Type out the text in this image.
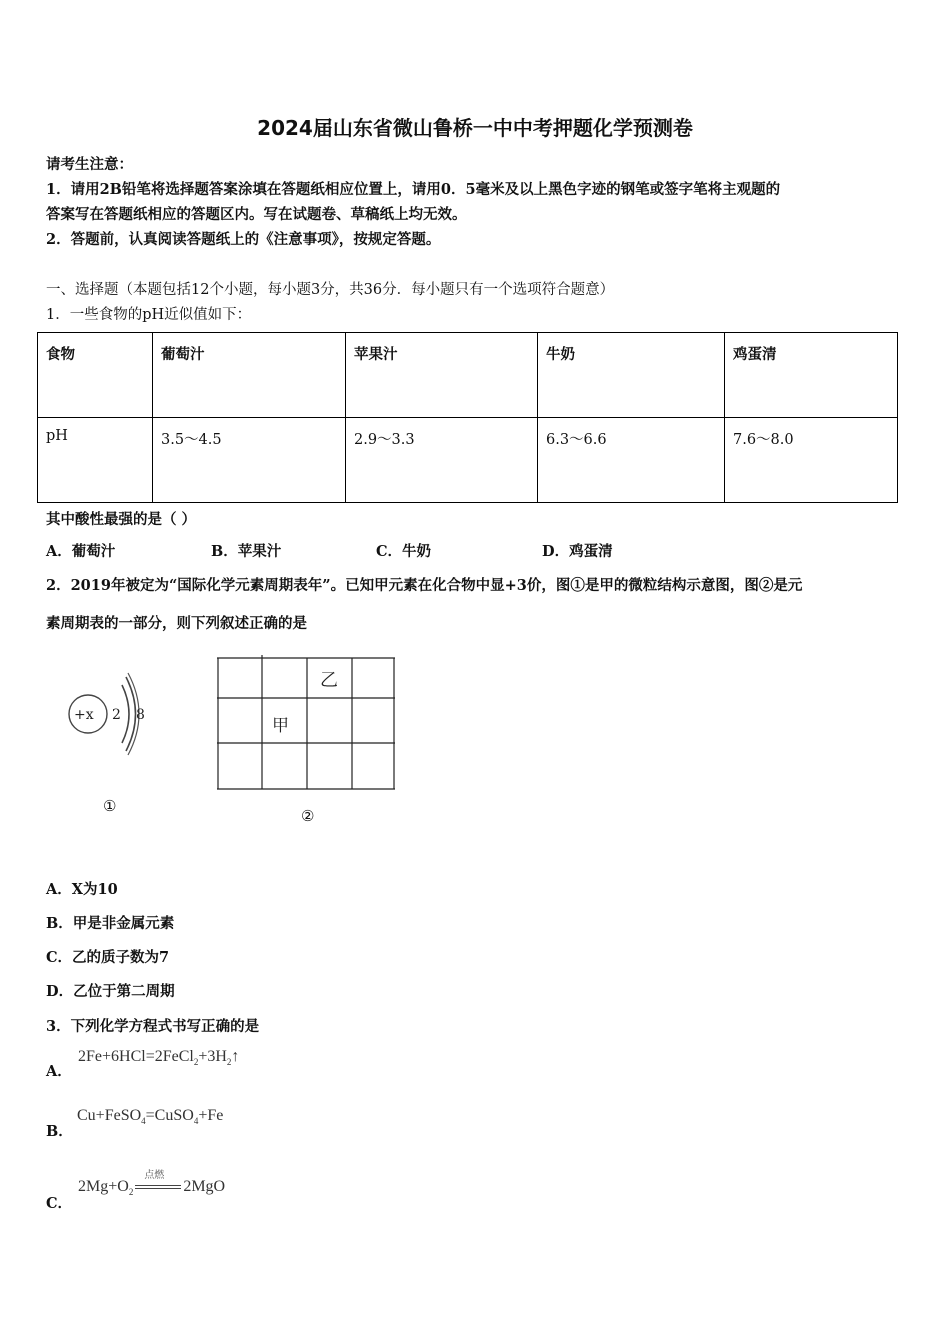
2024届山东省微山鲁桥一中中考押题化学预测卷
请考生注意：
1．请用2B铅笔将选择题答案涂填在答题纸相应位置上，请用0．5毫米及以上黑色字迹的钢笔或签字笔将主观题的
答案写在答题纸相应的答题区内。写在试题卷、草稿纸上均无效。
2．答题前，认真阅读答题纸上的《注意事项》，按规定答题。
一、选择题（本题包括12个小题，每小题3分，共36分．每小题只有一个选项符合题意）
1．一些食物的pH近似值如下：
食物	葡萄汁	苹果汁	牛奶	鸡蛋清
pH	3.5～4.5	2.9～3.3	6.3～6.6	7.6～8.0
其中酸性最强的是（ ）
A．葡萄汁	B．苹果汁	C．牛奶	D．鸡蛋清
2．2019年被定为“国际化学元素周期表年”。已知甲元素在化合物中显+3价，图①是甲的微粒结构示意图，图②是元
素周期表的一部分，则下列叙述正确的是
+x 2 8
①
乙
甲
②
A．X为10
B．甲是非金属元素
C．乙的质子数为7
D．乙位于第二周期
3．下列化学方程式书写正确的是
A．
$2Fe+6HCl=2FeCl_2+3H_2↑$
B．
Cu+FeSO$_4$=CuSO$_4$+Fe
C．
$2Mg+O_2$
点燃
2MgO
